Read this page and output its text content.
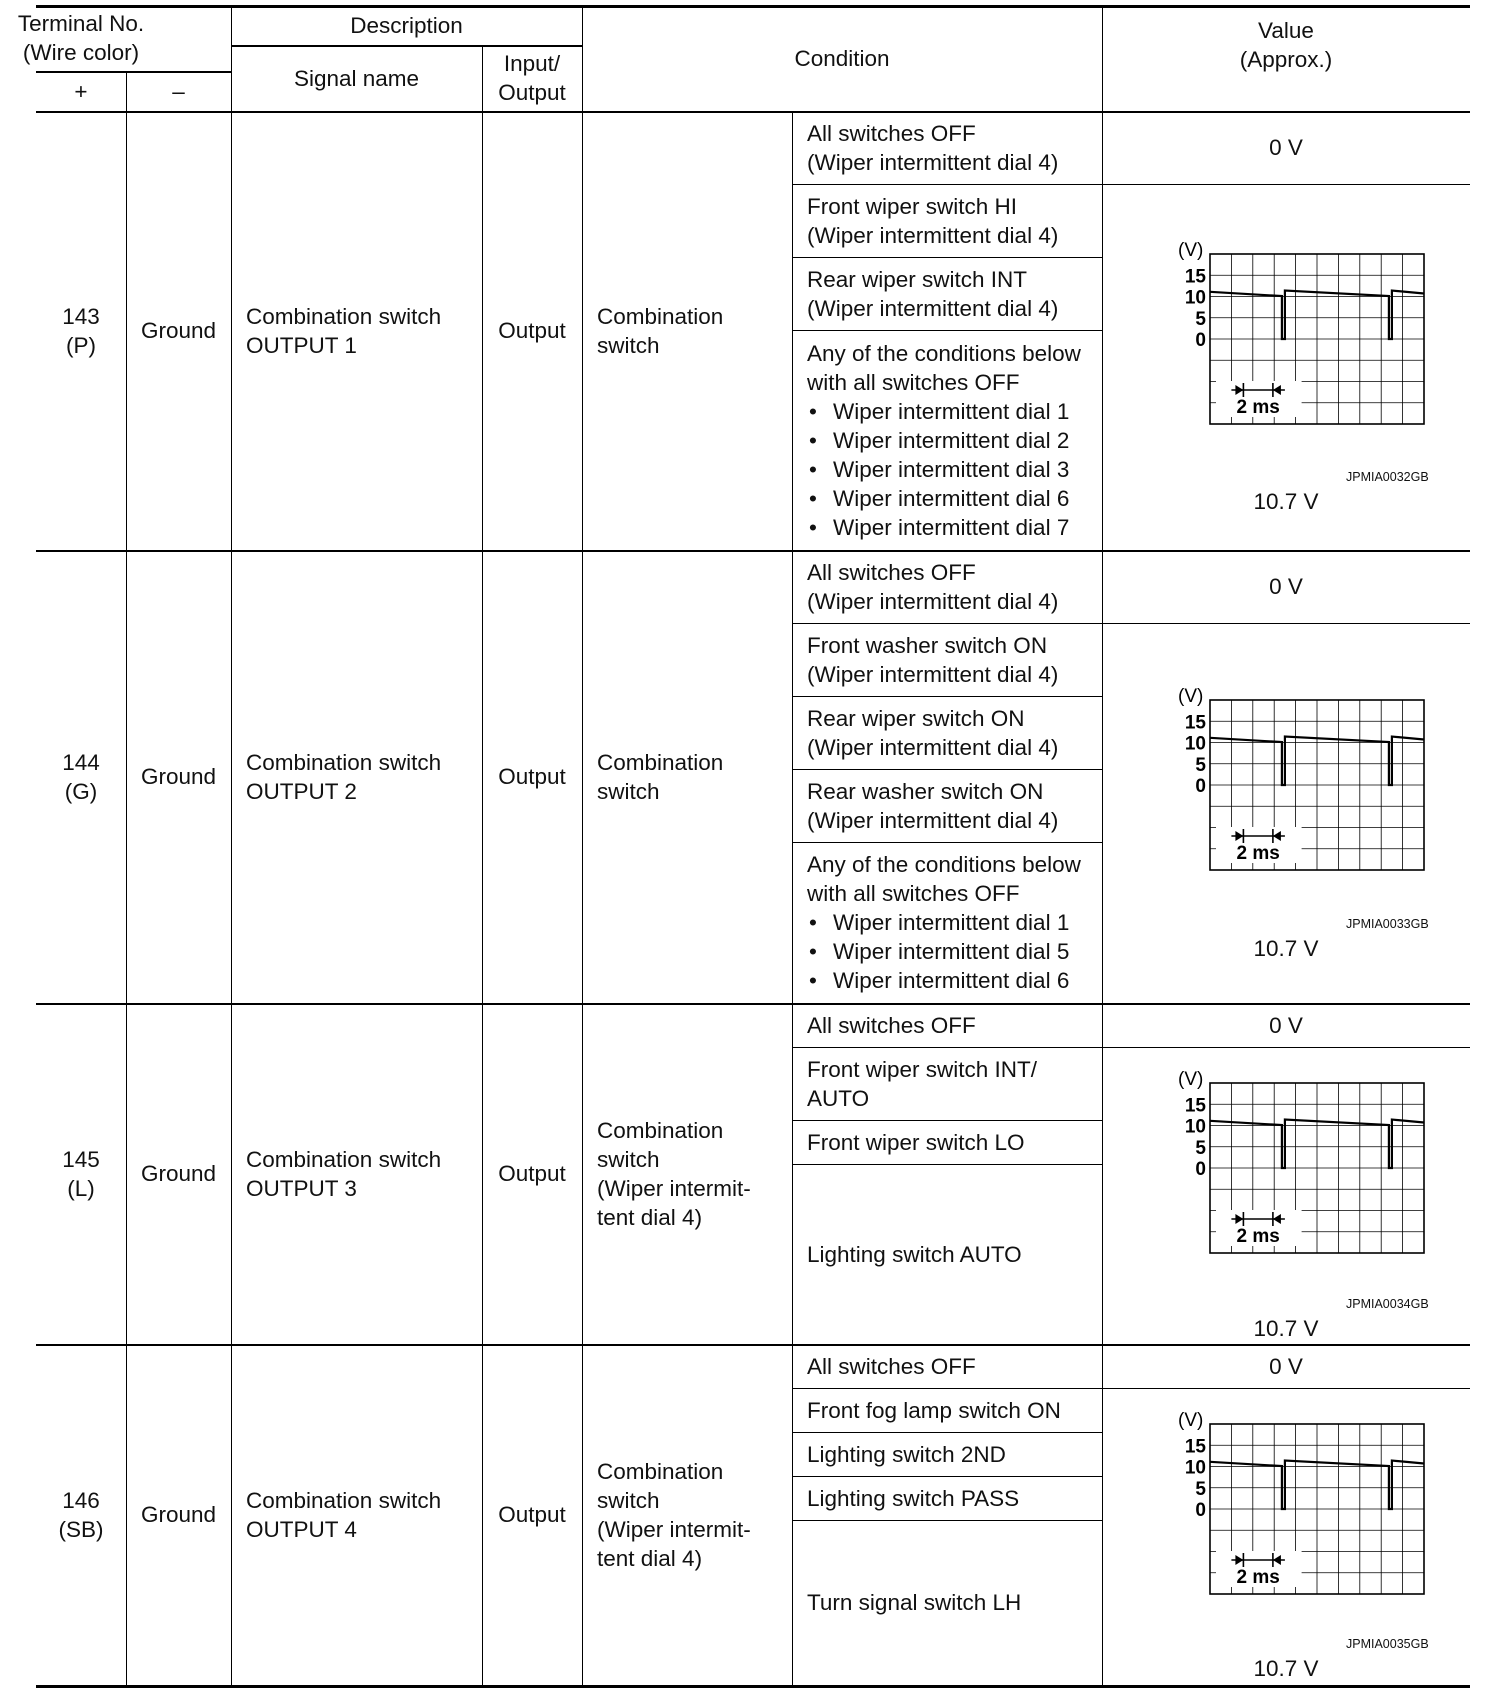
Terminal No.
(Wire color)
+	–
Description
Signal name
Input/
Output
Condition
Value
(Approx.)
143
(P)
Ground
Combination switch
OUTPUT 1
Output
Combination
switch
All switches OFF
(Wiper intermittent dial 4)
Front wiper switch HI
(Wiper intermittent dial 4)
Rear wiper switch INT
(Wiper intermittent dial 4)
Any of the conditions below
with all switches OFF
• Wiper intermittent dial 1
• Wiper intermittent dial 2
• Wiper intermittent dial 3
• Wiper intermittent dial 6
• Wiper intermittent dial 7
0 V
144
(G)
Ground
Combination switch
OUTPUT 2
Output
Combination
switch
All switches OFF
(Wiper intermittent dial 4)
Front washer switch ON
(Wiper intermittent dial 4)
Rear wiper switch ON
(Wiper intermittent dial 4)
Rear washer switch ON
(Wiper intermittent dial 4)
Any of the conditions below
with all switches OFF
• Wiper intermittent dial 1
• Wiper intermittent dial 5
• Wiper intermittent dial 6
0 V
145
(L)
Ground
Combination switch
OUTPUT 3
Output
Combination
switch
(Wiper intermit-
tent dial 4)
All switches OFF
Front wiper switch INT/
AUTO
Front wiper switch LO
Lighting switch AUTO
0 V
146
(SB)
Ground
Combination switch
OUTPUT 4
Output
Combination
switch
(Wiper intermit-
tent dial 4)
All switches OFF
Front fog lamp switch ON
Lighting switch 2ND
Lighting switch PASS
Turn signal switch LH
0 V
(V)
15
10
5
0
2 ms
JPMIA0032GB
10.7 V
(V)
15
10
5
0
2 ms
JPMIA0033GB
10.7 V
(V)
15
10
5
0
2 ms
JPMIA0034GB
10.7 V
(V)
15
10
5
0
2 ms
JPMIA0035GB
10.7 V
